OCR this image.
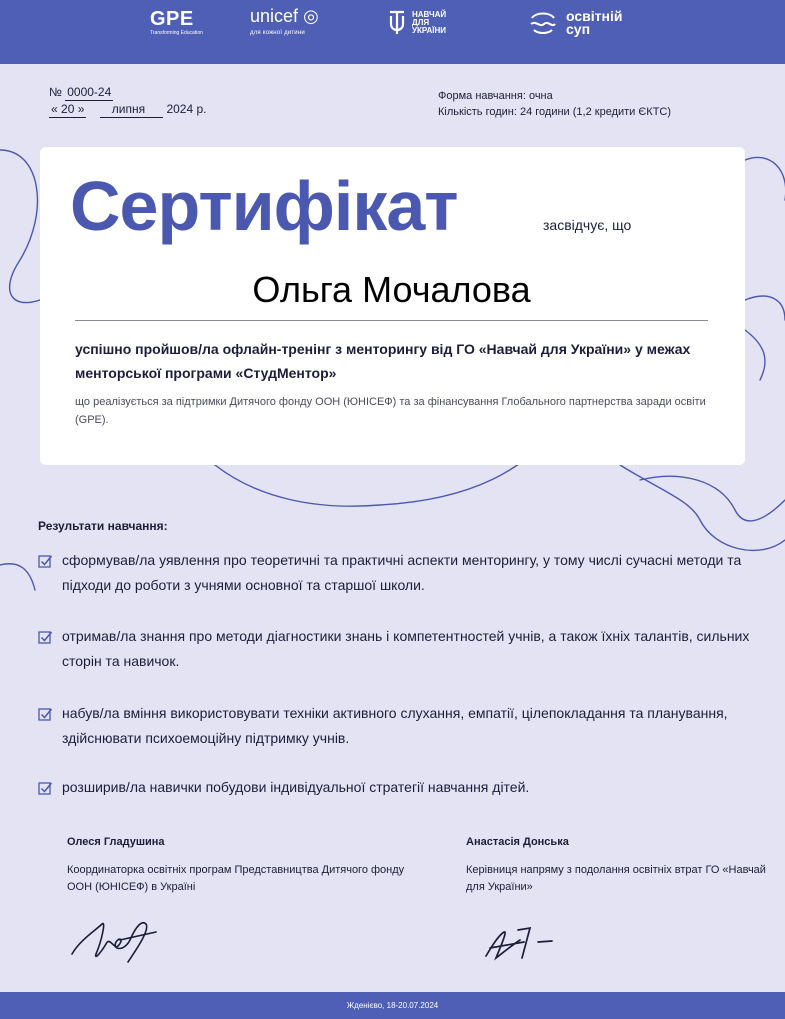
GPE
Transforming Education
unicef ◎
для кожної дитини
НАВЧАЙ
ДЛЯ
УКРАЇНИ
освітній
суп
№ 0000-24
« 20 » липня 2024 р.
Форма навчання: очна
Кількість годин: 24 години (1,2 кредити ЄКТС)
Сертифікат	засвідчує, що
Ольга Мочалова
успішно пройшов/ла офлайн-тренінг з менторингу від ГО «Навчай для України» у межах менторської програми «СтудМентор»
що реалізується за підтримки Дитячого фонду ООН (ЮНІСЕФ) та за фінансування Глобального партнерства заради освіти (GPE).
Результати навчання:
сформував/ла уявлення про теоретичні та практичні аспекти менторингу, у тому числі сучасні методи та підходи до роботи з учнями основної та старшої школи.
отримав/ла знання про методи діагностики знань і компетентностей учнів, а також їхніх талантів, сильних сторін та навичок.
набув/ла вміння використовувати техніки активного слухання, емпатії, цілепокладання та планування, здійснювати психоемоційну підтримку учнів.
розширив/ла навички побудови індивідуальної стратегії навчання дітей.
Олеся Гладушина
Координаторка освітніх програм Представництва Дитячого фонду ООН (ЮНІСЕФ) в Україні
Анастасія Донська
Керівниця напряму з подолання освітніх втрат ГО «Навчай для України»
Жденієво, 18-20.07.2024
